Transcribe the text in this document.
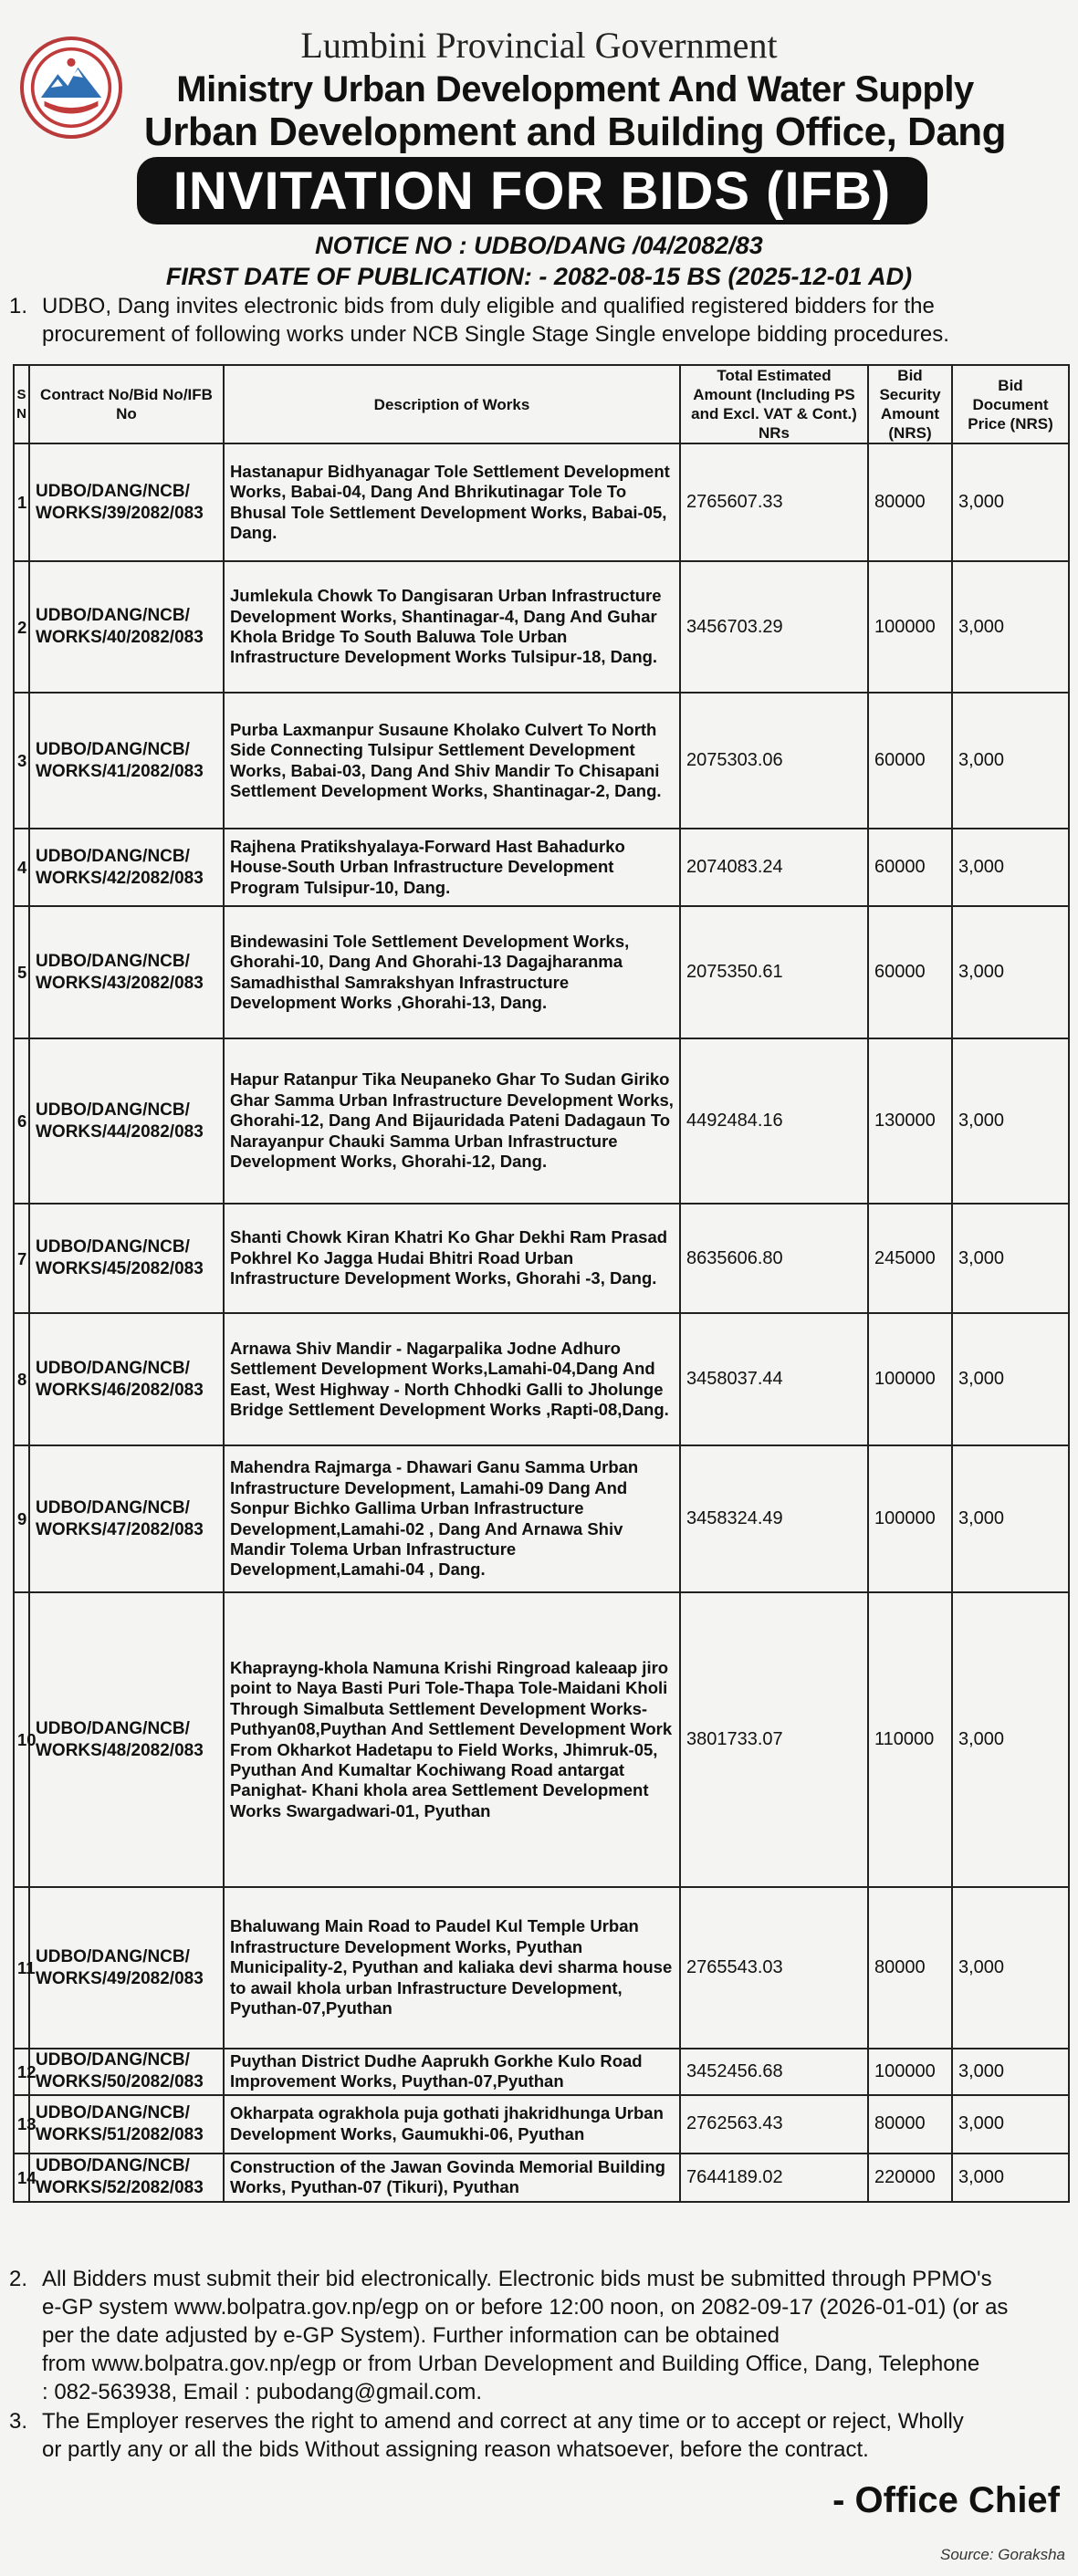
Lumbini Provincial Government
Ministry Urban Development And Water Supply
Urban Development and Building Office, Dang
INVITATION FOR BIDS (IFB)
NOTICE NO : UDBO/DANG /04/2082/83
FIRST DATE OF PUBLICATION: - 2082-08-15 BS (2025-12-01 AD)
1. UDBO, Dang invites electronic bids from duly eligible and qualified registered bidders for the
procurement of following works under NCB Single Stage Single envelope bidding procedures.
S N	Contract No/Bid No/IFB No	Description of Works	Total Estimated Amount (Including PS and Excl. VAT & Cont.) NRs	Bid Security Amount (NRS)	Bid Document Price (NRS)
1	UDBO/DANG/NCB/ WORKS/39/2082/083	Hastanapur Bidhyanagar Tole Settlement Development Works, Babai-04, Dang And Bhrikutinagar Tole To Bhusal Tole Settlement Development Works, Babai-05, Dang.	2765607.33	80000	3,000
2	UDBO/DANG/NCB/ WORKS/40/2082/083	Jumlekula Chowk To Dangisaran Urban Infrastructure Development Works, Shantinagar-4, Dang And Guhar Khola Bridge To South Baluwa Tole Urban Infrastructure Development Works Tulsipur-18, Dang.	3456703.29	100000	3,000
3	UDBO/DANG/NCB/ WORKS/41/2082/083	Purba Laxmanpur Susaune Kholako Culvert To North Side Connecting Tulsipur Settlement Development Works, Babai-03, Dang And Shiv Mandir To Chisapani Settlement Development Works, Shantinagar-2, Dang.	2075303.06	60000	3,000
4	UDBO/DANG/NCB/ WORKS/42/2082/083	Rajhena Pratikshyalaya-Forward Hast Bahadurko House-South Urban Infrastructure Development Program Tulsipur-10, Dang.	2074083.24	60000	3,000
5	UDBO/DANG/NCB/ WORKS/43/2082/083	Bindewasini Tole Settlement Development Works, Ghorahi-10, Dang And Ghorahi-13 Dagajharanma Samadhisthal Samrakshyan Infrastructure Development Works ,Ghorahi-13, Dang.	2075350.61	60000	3,000
6	UDBO/DANG/NCB/ WORKS/44/2082/083	Hapur Ratanpur Tika Neupaneko Ghar To Sudan Giriko Ghar Samma Urban Infrastructure Development Works, Ghorahi-12, Dang And Bijauridada Pateni Dadagaun To Narayanpur Chauki Samma Urban Infrastructure Development Works, Ghorahi-12, Dang.	4492484.16	130000	3,000
7	UDBO/DANG/NCB/ WORKS/45/2082/083	Shanti Chowk Kiran Khatri Ko Ghar Dekhi Ram Prasad Pokhrel Ko Jagga Hudai Bhitri Road Urban Infrastructure Development Works, Ghorahi -3, Dang.	8635606.80	245000	3,000
8	UDBO/DANG/NCB/ WORKS/46/2082/083	Arnawa Shiv Mandir - Nagarpalika Jodne Adhuro Settlement Development Works,Lamahi-04,Dang And East, West Highway - North Chhodki Galli to Jholunge Bridge Settlement Development Works ,Rapti-08,Dang.	3458037.44	100000	3,000
9	UDBO/DANG/NCB/ WORKS/47/2082/083	Mahendra Rajmarga - Dhawari Ganu Samma Urban Infrastructure Development, Lamahi-09 Dang And Sonpur Bichko Gallima Urban Infrastructure Development,Lamahi-02 , Dang And Arnawa Shiv Mandir Tolema Urban Infrastructure Development,Lamahi-04 , Dang.	3458324.49	100000	3,000
10	UDBO/DANG/NCB/ WORKS/48/2082/083	Khaprayng-khola Namuna Krishi Ringroad kaleaap jiro point to Naya Basti Puri Tole-Thapa Tole-Maidani Kholi Through Simalbuta Settlement Development Works-Puthyan08,Puythan And Settlement Development Work From Okharkot Hadetapu to Field Works, Jhimruk-05, Pyuthan And Kumaltar Kochiwang Road antargat Panighat- Khani khola area Settlement Development Works Swargadwari-01, Pyuthan	3801733.07	110000	3,000
11	UDBO/DANG/NCB/ WORKS/49/2082/083	Bhaluwang Main Road to Paudel Kul Temple Urban Infrastructure Development Works, Pyuthan Municipality-2, Pyuthan and kaliaka devi sharma house to awail khola urban Infrastructure Development, Pyuthan-07,Pyuthan	2765543.03	80000	3,000
12	UDBO/DANG/NCB/ WORKS/50/2082/083	Puythan District Dudhe Aaprukh Gorkhe Kulo Road Improvement Works, Puythan-07,Pyuthan	3452456.68	100000	3,000
13	UDBO/DANG/NCB/ WORKS/51/2082/083	Okharpata ograkhola puja gothati jhakridhunga Urban Development Works, Gaumukhi-06, Pyuthan	2762563.43	80000	3,000
14	UDBO/DANG/NCB/ WORKS/52/2082/083	Construction of the Jawan Govinda Memorial Building Works, Pyuthan-07 (Tikuri), Pyuthan	7644189.02	220000	3,000
2. All Bidders must submit their bid electronically. Electronic bids must be submitted through PPMO's
e-GP system www.bolpatra.gov.np/egp on or before 12:00 noon, on 2082-09-17 (2026-01-01) (or as
per the date adjusted by e-GP System). Further information can be obtained
from www.bolpatra.gov.np/egp or from Urban Development and Building Office, Dang, Telephone
: 082-563938, Email : pubodang@gmail.com.
3. The Employer reserves the right to amend and correct at any time or to accept or reject, Wholly
or partly any or all the bids Without assigning reason whatsoever, before the contract.
- Office Chief
Source: Goraksha
